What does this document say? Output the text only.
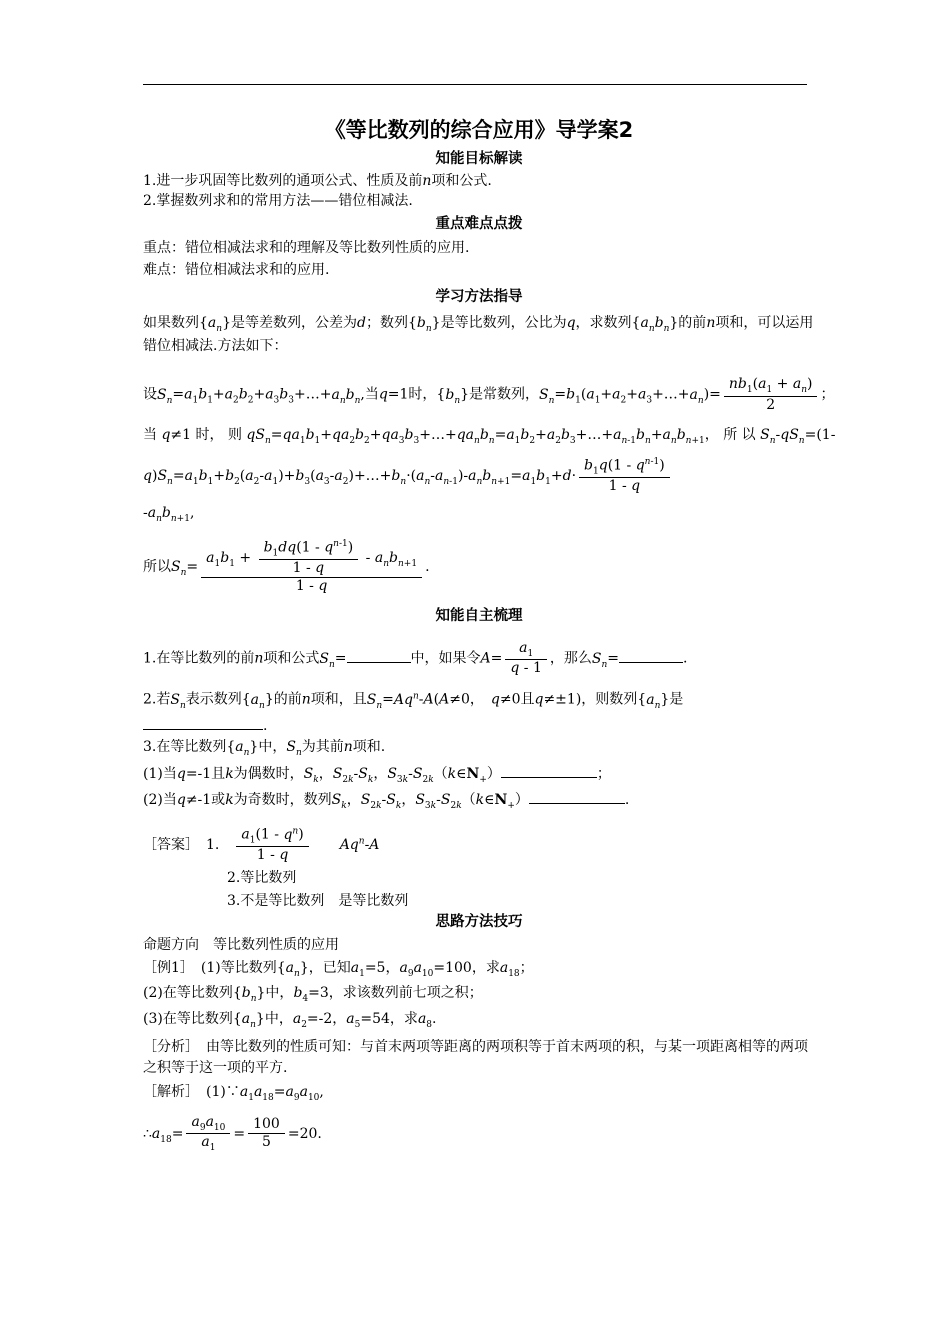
《等比数列的综合应用》导学案2

知能目标解读

1.进一步巩固等比数列的通项公式、性质及前n项和公式.

2.掌握数列求和的常用方法——错位相减法.

重点难点点拨

重点：错位相减法求和的理解及等比数列性质的应用.

难点：错位相减法求和的应用.

学习方法指导

如果数列$\{a_n\}$是等差数列，公差为d；数列$\{b_n\}$是等比数列，公比为q，求数列$\{a_nb_n\}$的前n项和，可以运用错位相减法.方法如下：

设$S_n=a_1b_1+a_2b_2+a_3b_3+\dots+a_nb_n$,当q=1时，$\{b_n\}$是常数列，$S_n=b_1(a_1+a_2+a_3+\dots+a_n)= \frac{nb_1(a_1 + a_n)}{2}$ ；

当 q≠1 时， 则 $qS_n=qa_1b_1+qa_2b_2+qa_3b_3+\dots+qa_nb_n=a_1b_2+a_2b_3+\dots+a_{n-1}b_n+a_nb_{n+1}$， 所 以 $S_n-qS_n=(1-$

$q)S_n=a_1b_1+b_2(a_2-a_1)+b_3(a_3-a_2)+\dots+b_n\cdot(a_n-a_{n-1})-a_nb_{n+1}=a_1b_1+d\cdot \frac{b_1q(1 - q^{n-1})}{1 - q}$

$-a_nb_{n+1}$,

所以$S_n= \frac{a_1b_1 + \frac{b_1dq(1 - q^{n-1})}{1 - q} - a_nb_{n+1}}{1 - q}$ .

知能自主梳理

1.在等比数列的前n项和公式$S_n=$	中，如果令$A= \frac{a_1}{q - 1}$ ，那么$S_n=$	.

2.若$S_n$表示数列$\{a_n\}$的前n项和，且$S_n=Aq^n-A(A\ne 0$，　q≠0且q≠±1)，则数列$\{a_n\}$是

.

3.在等比数列$\{a_n\}$中，$S_n$为其前n项和.

(1)当q=-1且k为偶数时，$S_k$，$S_{2k}-S_k$，$S_{3k}-S_{2k}(k\in N_+)$	；

(2)当q≠-1或k为奇数时，数列$S_k$，$S_{2k}-S_k$，$S_{3k}-S_{2k}(k\in N_+)$	.

［答案］　1.　 $\frac{a_1(1 - q^n)}{1 - q}$
　　 Aq$^n$-A

2.等比数列

3.不是等比数列　是等比数列

思路方法技巧

命题方向　等比数列性质的应用

［例1］　(1)等比数列$\{a_n\}$，已知$a_1=5$，$a_9a_{10}=100$，求$a_{18}$；

(2)在等比数列$\{b_n\}$中，$b_4=3$，求该数列前七项之积；

(3)在等比数列$\{a_n\}$中，$a_2=-2$，$a_5=54$，求$a_8$.

［分析］　由等比数列的性质可知：与首末两项等距离的两项积等于首末两项的积，与某一项距离相等的两项之积等于这一项的平方.

［解析］　$(1)\because a_1a_{18}=a_9a_{10}$,

$\therefore a_{18}= \frac{a_9a_{10}}{a_1} = \frac{100}{5} =20$.
